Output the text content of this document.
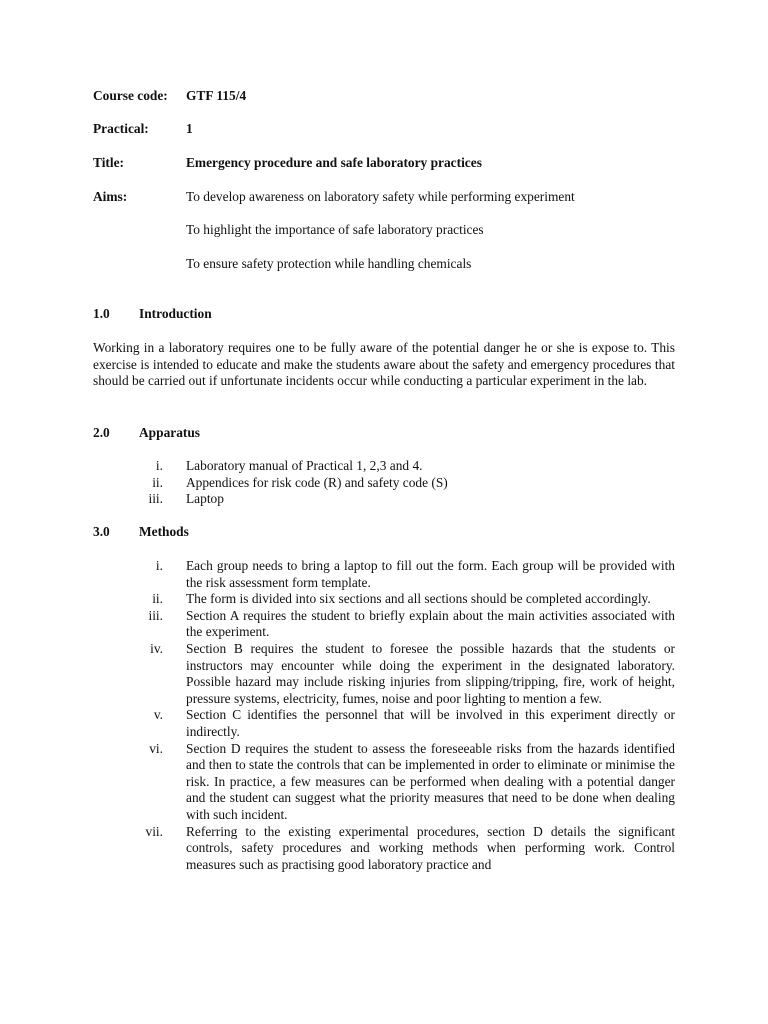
Course code: GTF 115/4
Practical:	1
Title:	Emergency procedure and safe laboratory practices
Aims:	To develop awareness on laboratory safety while performing experiment
To highlight the importance of safe laboratory practices
To ensure safety protection while handling chemicals
1.0 Introduction
Working in a laboratory requires one to be fully aware of the potential danger he or she is expose to. This exercise is intended to educate and make the students aware about the safety and emergency procedures that should be carried out if unfortunate incidents occur while conducting a particular experiment in the lab.
2.0 Apparatus
i. Laboratory manual of Practical 1, 2,3 and 4.
ii. Appendices for risk code (R) and safety code (S)
iii. Laptop
3.0 Methods
i. Each group needs to bring a laptop to fill out the form. Each group will be provided with the risk assessment form template.
ii. The form is divided into six sections and all sections should be completed accordingly.
iii. Section A requires the student to briefly explain about the main activities associated with the experiment.
iv. Section B requires the student to foresee the possible hazards that the students or instructors may encounter while doing the experiment in the designated laboratory. Possible hazard may include risking injuries from slipping/tripping, fire, work of height, pressure systems, electricity, fumes, noise and poor lighting to mention a few.
v. Section C identifies the personnel that will be involved in this experiment directly or indirectly.
vi. Section D requires the student to assess the foreseeable risks from the hazards identified and then to state the controls that can be implemented in order to eliminate or minimise the risk. In practice, a few measures can be performed when dealing with a potential danger and the student can suggest what the priority measures that need to be done when dealing with such incident.
vii. Referring to the existing experimental procedures, section D details the significant controls, safety procedures and working methods when performing work. Control measures such as practising good laboratory practice and
